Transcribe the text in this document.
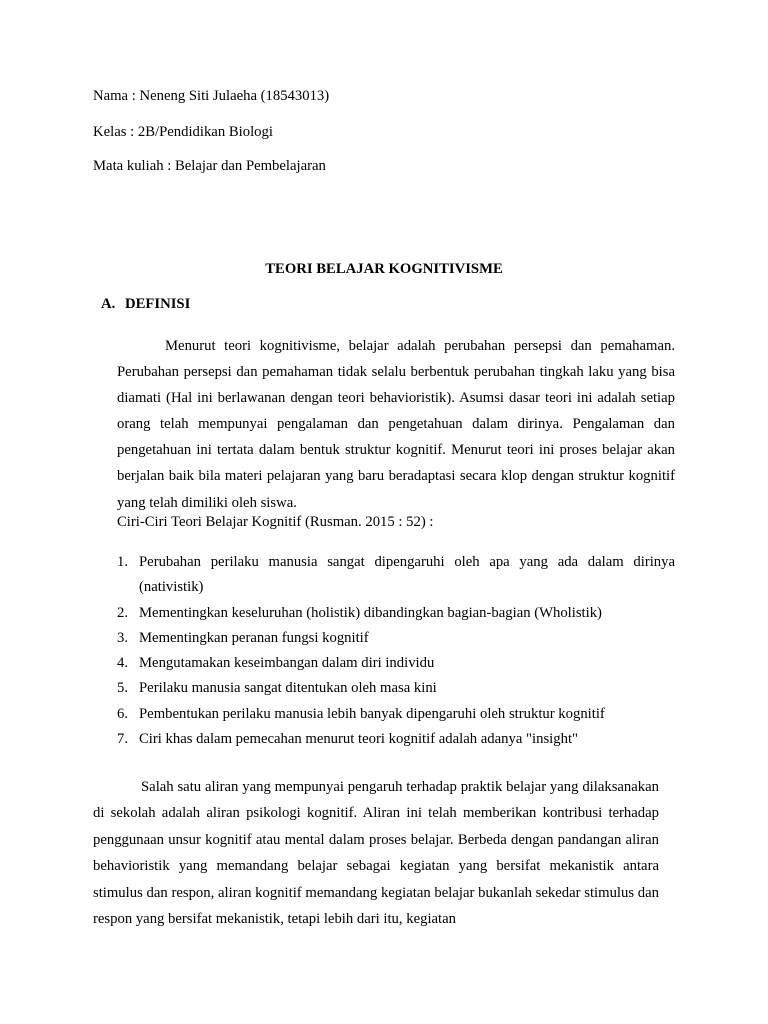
Nama : Neneng Siti Julaeha (18543013)

Kelas : 2B/Pendidikan Biologi

Mata kuliah : Belajar dan Pembelajaran

TEORI BELAJAR KOGNITIVISME

A. DEFINISI

Menurut teori kognitivisme, belajar adalah perubahan persepsi dan pemahaman. Perubahan persepsi dan pemahaman tidak selalu berbentuk perubahan tingkah laku yang bisa diamati (Hal ini berlawanan dengan teori behavioristik). Asumsi dasar teori ini adalah setiap orang telah mempunyai pengalaman dan pengetahuan dalam dirinya. Pengalaman dan pengetahuan ini tertata dalam bentuk struktur kognitif. Menurut teori ini proses belajar akan berjalan baik bila materi pelajaran yang baru beradaptasi secara klop dengan struktur kognitif yang telah dimiliki oleh siswa.

Ciri-Ciri Teori Belajar Kognitif (Rusman. 2015 : 52) :

1. Perubahan perilaku manusia sangat dipengaruhi oleh apa yang ada dalam dirinya (nativistik)
2. Mementingkan keseluruhan (holistik) dibandingkan bagian-bagian (Wholistik)
3. Mementingkan peranan fungsi kognitif
4. Mengutamakan keseimbangan dalam diri individu
5. Perilaku manusia sangat ditentukan oleh masa kini
6. Pembentukan perilaku manusia lebih banyak dipengaruhi oleh struktur kognitif
7. Ciri khas dalam pemecahan menurut teori kognitif adalah adanya "insight"

Salah satu aliran yang mempunyai pengaruh terhadap praktik belajar yang dilaksanakan di sekolah adalah aliran psikologi kognitif. Aliran ini telah memberikan kontribusi terhadap penggunaan unsur kognitif atau mental dalam proses belajar. Berbeda dengan pandangan aliran behavioristik yang memandang belajar sebagai kegiatan yang bersifat mekanistik antara stimulus dan respon, aliran kognitif memandang kegiatan belajar bukanlah sekedar stimulus dan respon yang bersifat mekanistik, tetapi lebih dari itu, kegiatan
